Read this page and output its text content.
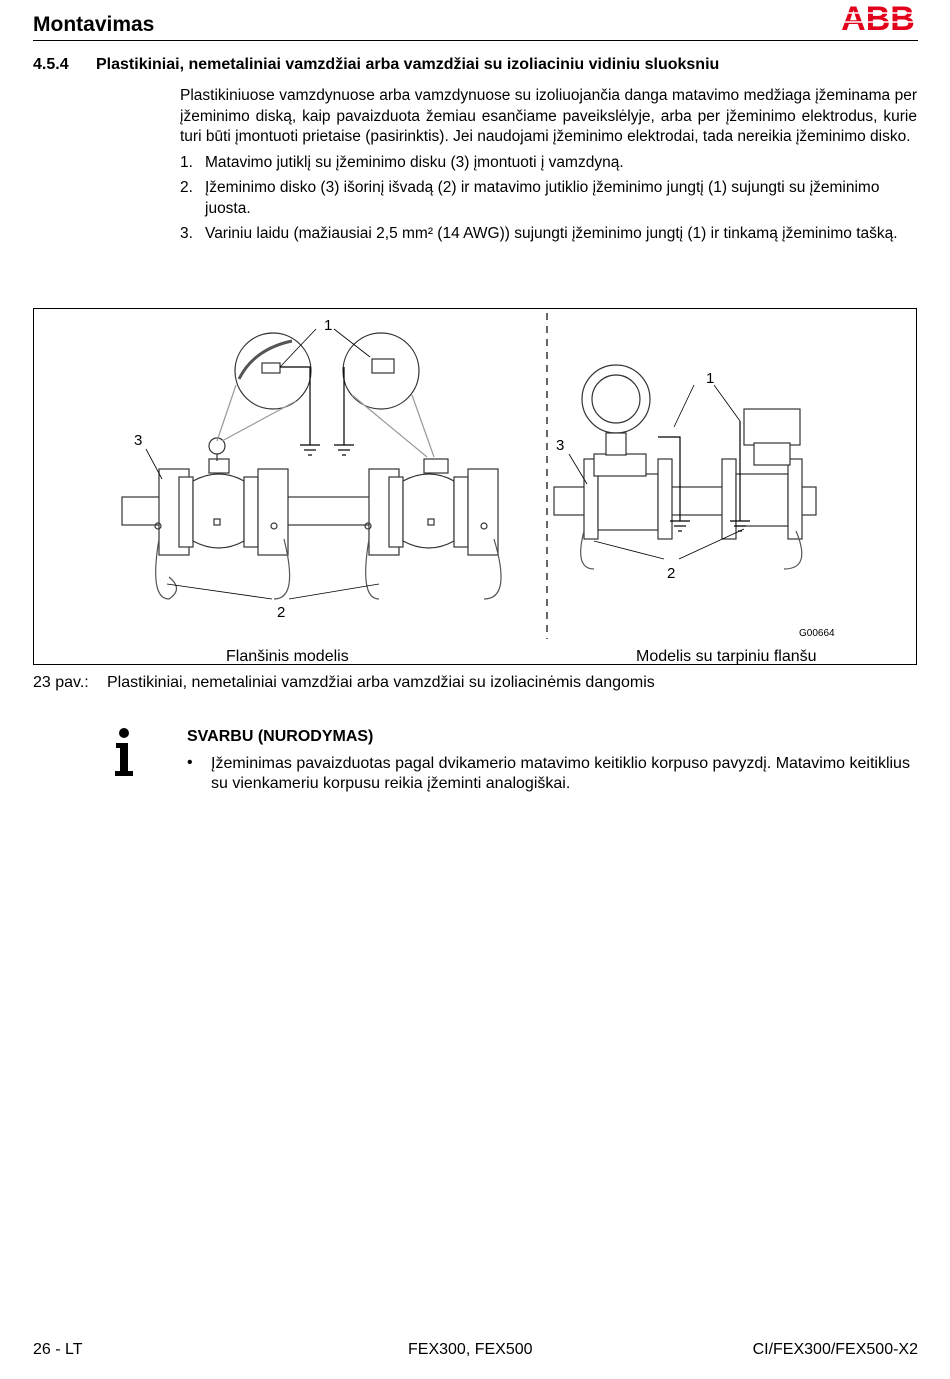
Montavimas	ABB
4.5.4 Plastikiniai, nemetaliniai vamzdžiai arba vamzdžiai su izoliaciniu vidiniu sluoksniu

Plastikiniuose vamzdynuose arba vamzdynuose su izoliuojančia danga matavimo medžiaga įžeminama per įžeminimo diską, kaip pavaizduota žemiau esančiame paveikslėlyje, arba per įžeminimo elektrodus, kurie turi būti įmontuoti prietaise (pasirinktis). Jei naudojami įžeminimo elektrodai, tada nereikia įžeminimo disko.

1. Matavimo jutiklį su įžeminimo disku (3) įmontuoti į vamzdyną.
2. Įžeminimo disko (3) išorinį išvadą (2) ir matavimo jutiklio įžeminimo jungtį (1) sujungti su įžeminimo juosta.
3. Variniu laidu (mažiausiai 2,5 mm² (14 AWG)) sujungti įžeminimo jungtį (1) ir tinkamą įžeminimo tašką.
1
2
3
1
2
3
G00664
Flanšinis modelis	Modelis su tarpiniu flanšu
23 pav.: Plastikiniai, nemetaliniai vamzdžiai arba vamzdžiai su izoliacinėmis dangomis
SVARBU (NURODYMAS)
• Įžeminimas pavaizduotas pagal dvikamerio matavimo keitiklio korpuso pavyzdį. Matavimo keitiklius su vienkameriu korpusu reikia įžeminti analogiškai.
26 - LT	FEX300, FEX500	CI/FEX300/FEX500-X2
